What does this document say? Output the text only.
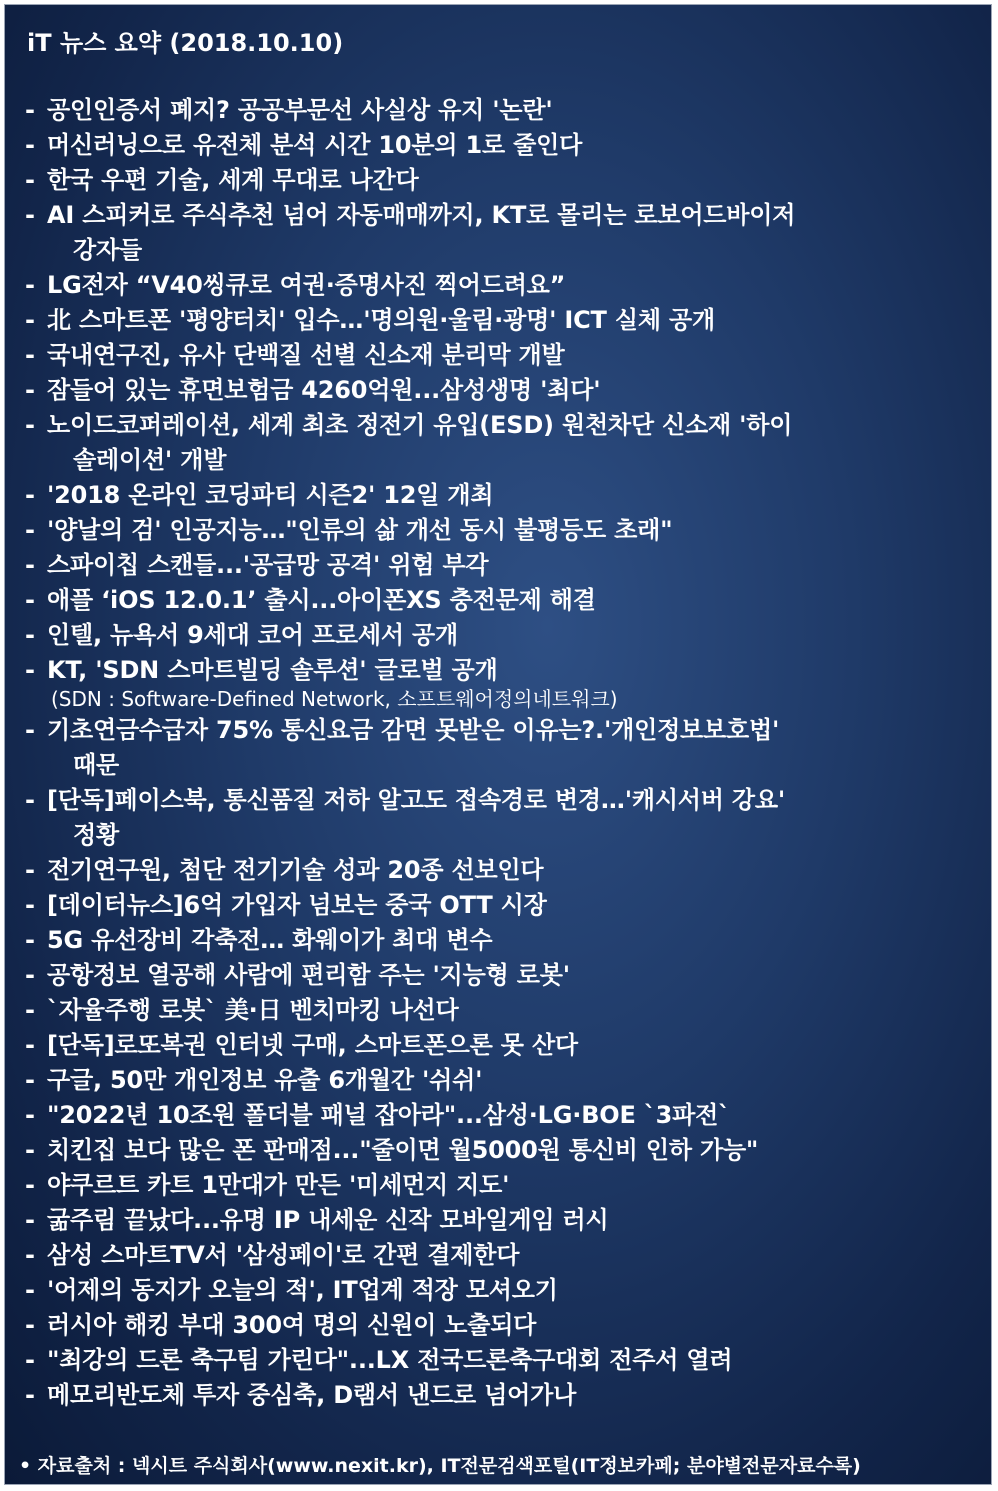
iT 뉴스 요약 (2018.10.10)
- 공인인증서 폐지? 공공부문선 사실상 유지 '논란'
- 머신러닝으로 유전체 분석 시간 10분의 1로 줄인다
- 한국 우편 기술, 세계 무대로 나간다
- AI 스피커로 주식추천 넘어 자동매매까지, KT로 몰리는 로보어드바이저
강자들
- LG전자 “V40씽큐로 여권·증명사진 찍어드려요”
- 北 스마트폰 '평양터치' 입수…'명의원·울림·광명' ICT 실체 공개
- 국내연구진, 유사 단백질 선별 신소재 분리막 개발
- 잠들어 있는 휴면보험금 4260억원...삼성생명 '최다'
- 노이드코퍼레이션, 세계 최초 정전기 유입(ESD) 원천차단 신소재 '하이
솔레이션' 개발
- '2018 온라인 코딩파티 시즌2' 12일 개최
- '양날의 검' 인공지능…"인류의 삶 개선 동시 불평등도 초래"
- 스파이칩 스캔들...'공급망 공격' 위험 부각
- 애플 ‘iOS 12.0.1’ 출시...아이폰XS 충전문제 해결
- 인텔, 뉴욕서 9세대 코어 프로세서 공개
- KT, 'SDN 스마트빌딩 솔루션' 글로벌 공개
(SDN : Software-Defined Network, 소프트웨어정의네트워크)
- 기초연금수급자 75% 통신요금 감면 못받은 이유는?.'개인정보보호법'
때문
- [단독]페이스북, 통신품질 저하 알고도 접속경로 변경…'캐시서버 강요'
정황
- 전기연구원, 첨단 전기기술 성과 20종 선보인다
- [데이터뉴스]6억 가입자 넘보는 중국 OTT 시장
- 5G 유선장비 각축전… 화웨이가 최대 변수
- 공항정보 열공해 사람에 편리함 주는 '지능형 로봇'
- `자율주행 로봇` 美·日 벤치마킹 나선다
- [단독]로또복권 인터넷 구매, 스마트폰으론 못 산다
- 구글, 50만 개인정보 유출 6개월간 '쉬쉬'
- "2022년 10조원 폴더블 패널 잡아라"...삼성·LG·BOE `3파전`
- 치킨집 보다 많은 폰 판매점..."줄이면 월5000원 통신비 인하 가능"
- 야쿠르트 카트 1만대가 만든 '미세먼지 지도'
- 굶주림 끝났다...유명 IP 내세운 신작 모바일게임 러시
- 삼성 스마트TV서 '삼성페이'로 간편 결제한다
- '어제의 동지가 오늘의 적', IT업계 적장 모셔오기
- 러시아 해킹 부대 300여 명의 신원이 노출되다
- "최강의 드론 축구팀 가린다"...LX 전국드론축구대회 전주서 열려
- 메모리반도체 투자 중심축, D램서 낸드로 넘어가나
• 자료출처 : 넥시트 주식회사(www.nexit.kr), IT전문검색포털(IT정보카페; 분야별전문자료수록)
